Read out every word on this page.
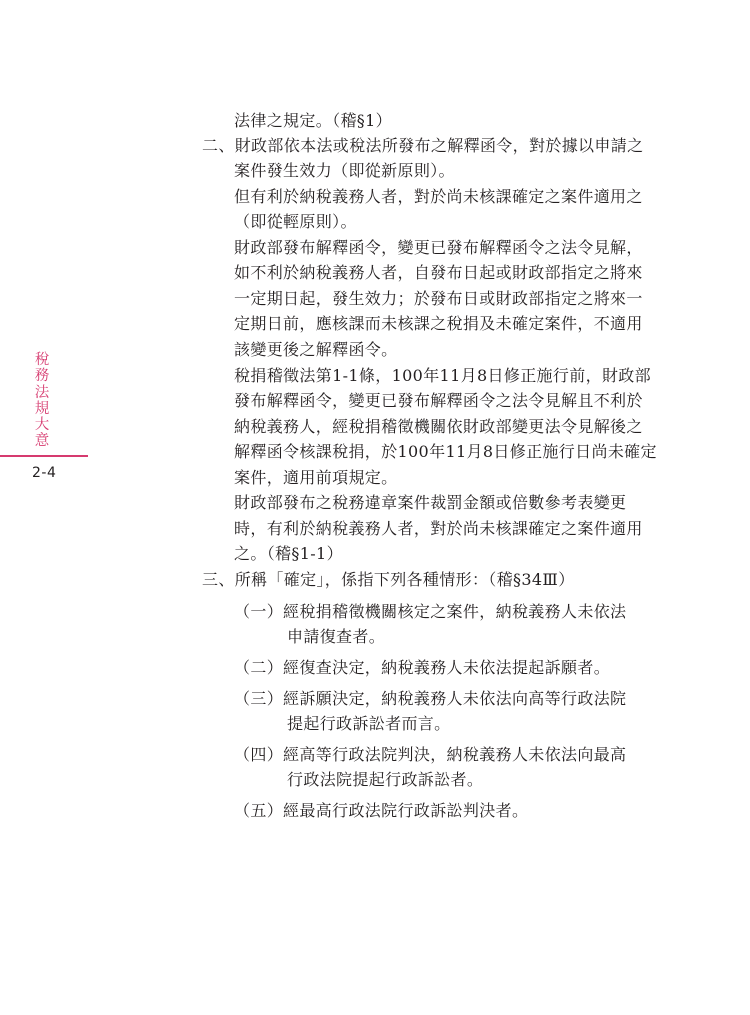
稅務法規大意
2-4
法律之規定。（稽§1）
二、財政部依本法或稅法所發布之解釋函令，對於據以申請之
案件發生效力（即從新原則）。
但有利於納稅義務人者，對於尚未核課確定之案件適用之
（即從輕原則）。
財政部發布解釋函令，變更已發布解釋函令之法令見解，
如不利於納稅義務人者，自發布日起或財政部指定之將來
一定期日起，發生效力；於發布日或財政部指定之將來一
定期日前，應核課而未核課之稅捐及未確定案件，不適用
該變更後之解釋函令。
稅捐稽徵法第1-1條，100年11月8日修正施行前，財政部
發布解釋函令，變更已發布解釋函令之法令見解且不利於
納稅義務人，經稅捐稽徵機關依財政部變更法令見解後之
解釋函令核課稅捐，於100年11月8日修正施行日尚未確定
案件，適用前項規定。
財政部發布之稅務違章案件裁罰金額或倍數參考表變更
時，有利於納稅義務人者，對於尚未核課確定之案件適用
之。（稽§1-1）
三、所稱「確定」，係指下列各種情形：（稽§34Ⅲ）
（一）經稅捐稽徵機關核定之案件，納稅義務人未依法
申請復查者。
（二）經復查決定，納稅義務人未依法提起訴願者。
（三）經訴願決定，納稅義務人未依法向高等行政法院
提起行政訴訟者而言。
（四）經高等行政法院判決，納稅義務人未依法向最高
行政法院提起行政訴訟者。
（五）經最高行政法院行政訴訟判決者。
